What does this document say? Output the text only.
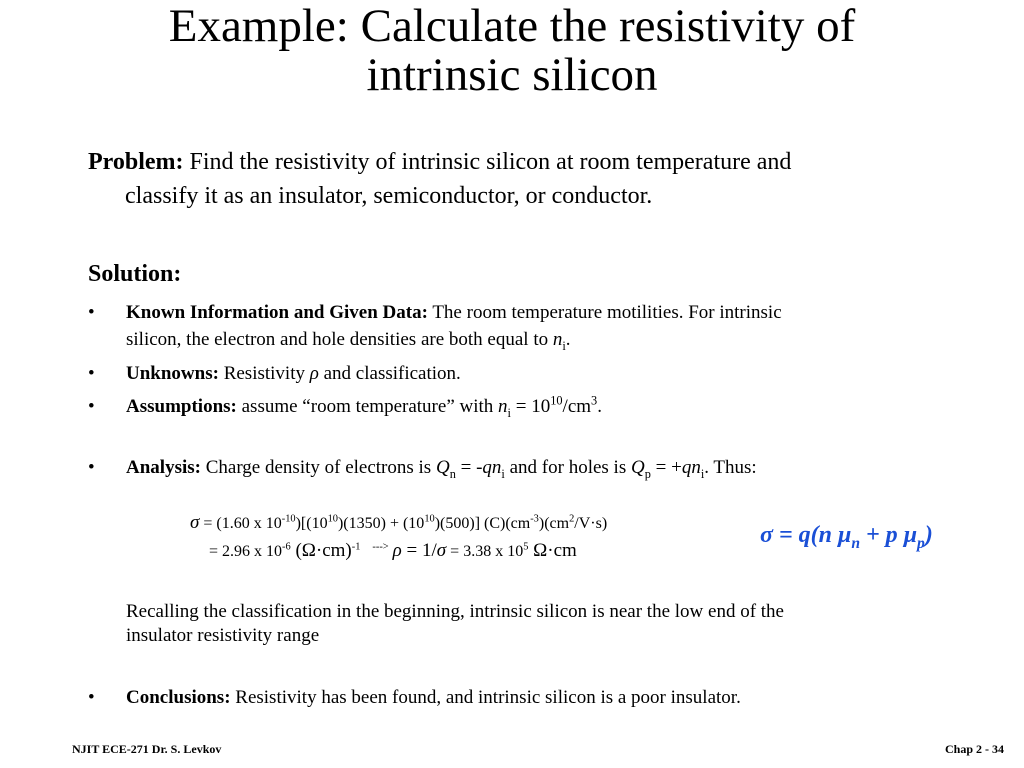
Example: Calculate the resistivity of
intrinsic silicon
Problem: Find the resistivity of intrinsic silicon at room temperature and
classify it as an insulator, semiconductor, or conductor.
Solution:
• Known Information and Given Data: The room temperature motilities. For intrinsic
silicon, the electron and hole densities are both equal to $n_i$.
• Unknowns: Resistivity ρ and classification.
• Assumptions: assume “room temperature” with $n_i = 10^{10}/cm^3$.
• Analysis: Charge density of electrons is $Q_n = -qn_i$ and for holes is $Q_p = +qn_i$. Thus:
σ = (1.60 x $10^{-10})[(10^{10})(1350) + (10^{10})(500)]$ $(C)(cm^{-3})(cm^2/V\cdot s)$
= 2.96 x $10^{-6}$ $(\Omega\cdot cm)^{-1}$ ---> ρ = 1/σ = 3.38 x $10^5$ Ω·cm
σ = q(n $\mu_n + p$ $\mu_p$)
Recalling the classification in the beginning, intrinsic silicon is near the low end of the
insulator resistivity range
• Conclusions: Resistivity has been found, and intrinsic silicon is a poor insulator.
NJIT ECE-271 Dr. S. Levkov	Chap 2 - 34
